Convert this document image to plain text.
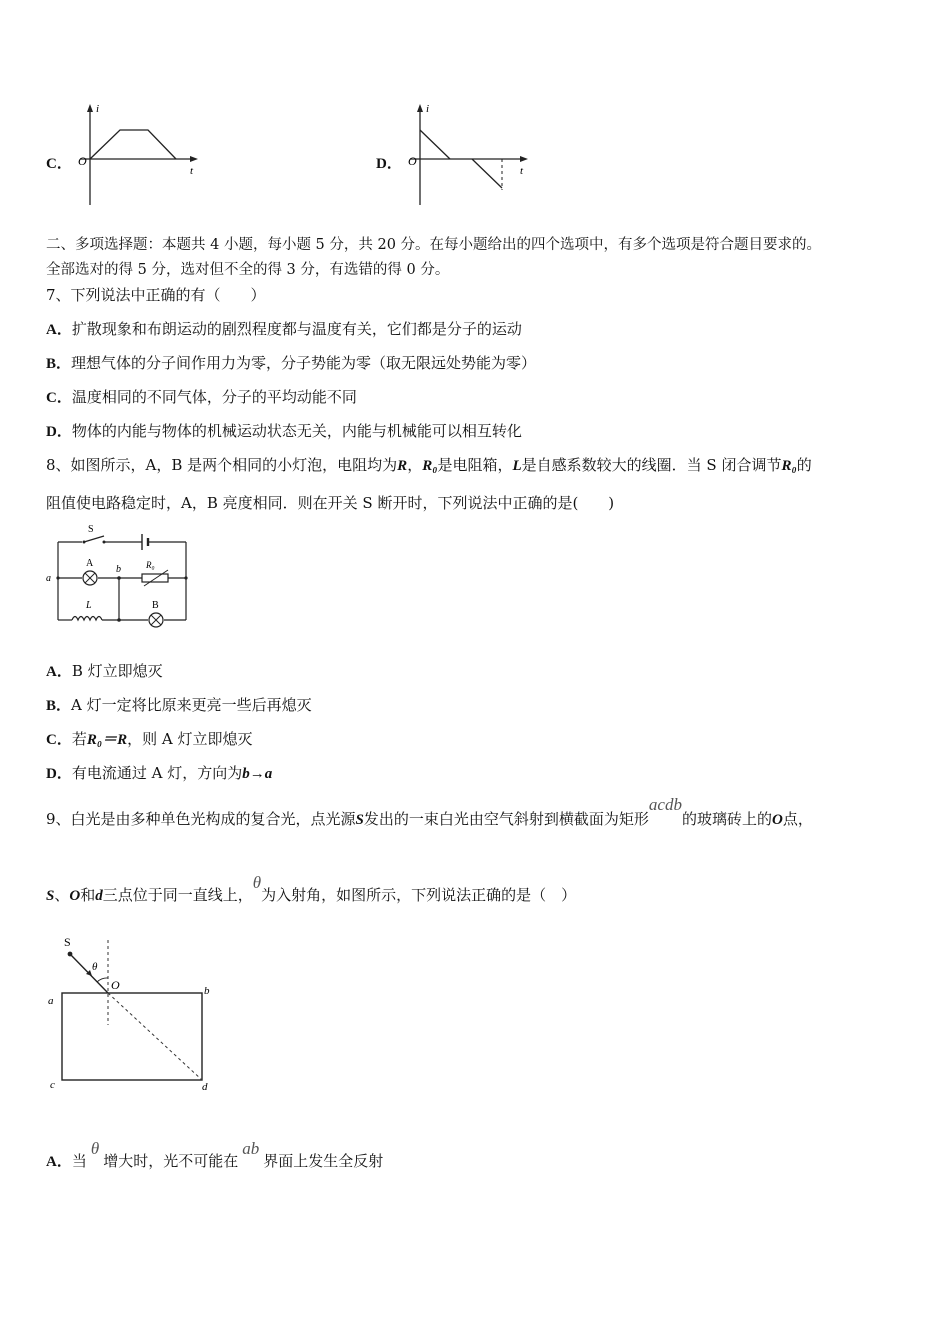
C．
i
t
O	D．
i
t
O
二、多项选择题：本题共 4 小题，每小题 5 分，共 20 分。在每小题给出的四个选项中，有多个选项是符合题目要求的。
全部选对的得 5 分，选对但不全的得 3 分，有选错的得 0 分。
7、下列说法中正确的有（　　）
A．扩散现象和布朗运动的剧烈程度都与温度有关，它们都是分子的运动
B．理想气体的分子间作用力为零，分子势能为零（取无限远处势能为零）
C．温度相同的不同气体，分子的平均动能不同
D．物体的内能与物体的机械运动状态无关，内能与机械能可以相互转化
8、如图所示，A，B 是两个相同的小灯泡，电阻均为R，R₀是电阻箱，L是自感系数较大的线圈．当 S 闭合调节R₀的
阻值使电路稳定时，A，B 亮度相同．则在开关 S 断开时，下列说法中正确的是(　　)
S
A
b	R₀
a
L	B
A．B 灯立即熄灭
B．A 灯一定将比原来更亮一些后再熄灭
C．若R₀＝R，则 A 灯立即熄灭
D．有电流通过 A 灯，方向为b→a
9、白光是由多种单色光构成的复合光，点光源S发出的一束白光由空气斜射到横截面为矩形acdb的玻璃砖上的O点，
S、O和d三点位于同一直线上，θ为入射角，如图所示，下列说法正确的是（　）
S
θ
O
a
b
c	d
A．当θ增大时，光不可能在ab界面上发生全反射
